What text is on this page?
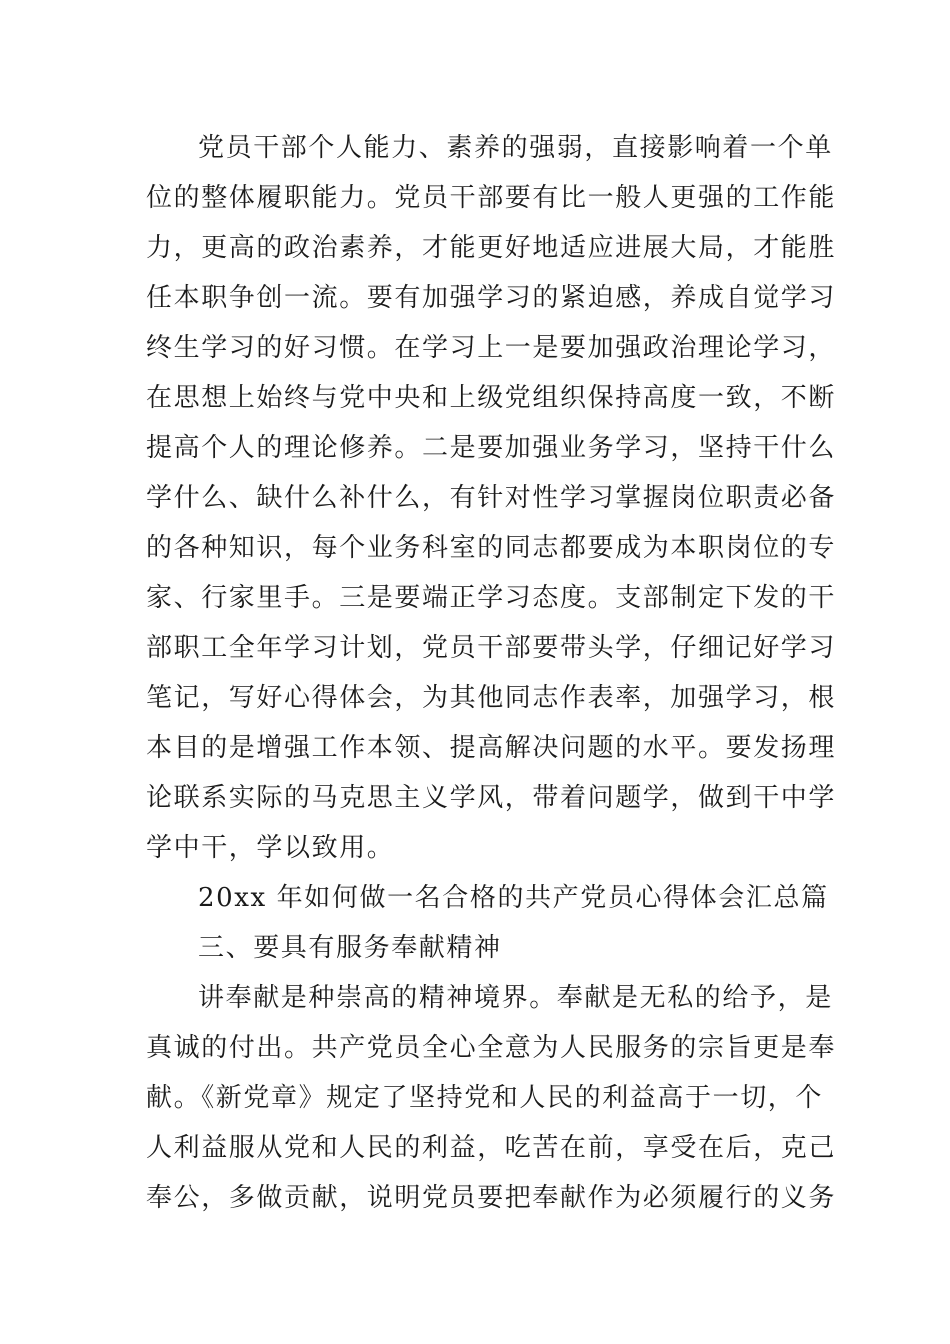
党员干部个人能力、素养的强弱，直接影响着一个单
位的整体履职能力。党员干部要有比一般人更强的工作能
力，更高的政治素养，才能更好地适应进展大局，才能胜
任本职争创一流。要有加强学习的紧迫感，养成自觉学习
终生学习的好习惯。在学习上一是要加强政治理论学习，
在思想上始终与党中央和上级党组织保持高度一致，不断
提高个人的理论修养。二是要加强业务学习，坚持干什么
学什么、缺什么补什么，有针对性学习掌握岗位职责必备
的各种知识，每个业务科室的同志都要成为本职岗位的专
家、行家里手。三是要端正学习态度。支部制定下发的干
部职工全年学习计划，党员干部要带头学，仔细记好学习
笔记，写好心得体会，为其他同志作表率，加强学习，根
本目的是增强工作本领、提高解决问题的水平。要发扬理
论联系实际的马克思主义学风，带着问题学，做到干中学
学中干，学以致用。
20xx 年如何做一名合格的共产党员心得体会汇总篇
三、要具有服务奉献精神
讲奉献是种崇高的精神境界。奉献是无私的给予，是
真诚的付出。共产党员全心全意为人民服务的宗旨更是奉
献。《新党章》规定了坚持党和人民的利益高于一切，个
人利益服从党和人民的利益，吃苦在前，享受在后，克己
奉公，多做贡献，说明党员要把奉献作为必须履行的义务
